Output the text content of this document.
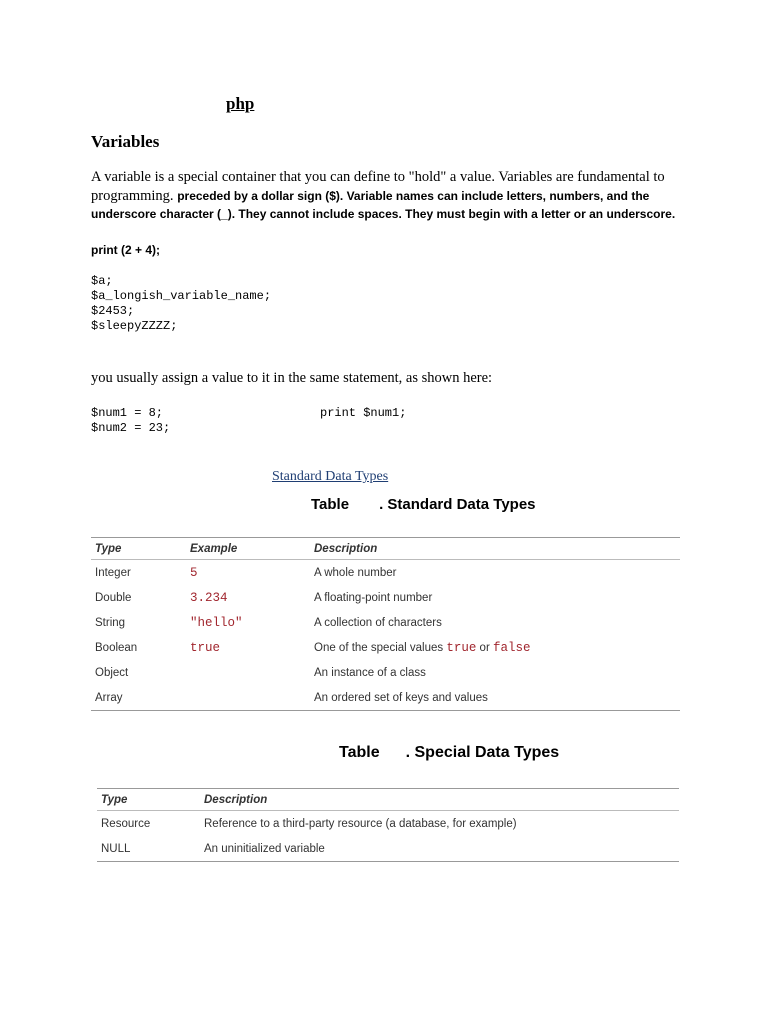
php
Variables
A variable is a special container that you can define to "hold" a value. Variables are fundamental to programming. preceded by a dollar sign ($). Variable names can include letters, numbers, and the underscore character (_). They cannot include spaces. They must begin with a letter or an underscore.
print (2 + 4);
$a;
$a_longish_variable_name;
$2453;
$sleepyZZZZ;
you usually assign a value to it in the same statement, as shown here:
$num1 = 8;
$num2 = 23;
print $num1;
Standard Data Types
Table . Standard Data Types
Type	Example	Description
Integer	5	A whole number
Double	3.234	A floating-point number
String	"hello"	A collection of characters
Boolean	true	One of the special values true or false
Object		An instance of a class
Array		An ordered set of keys and values
Table . Special Data Types
Type	Description
Resource	Reference to a third-party resource (a database, for example)
NULL	An uninitialized variable
